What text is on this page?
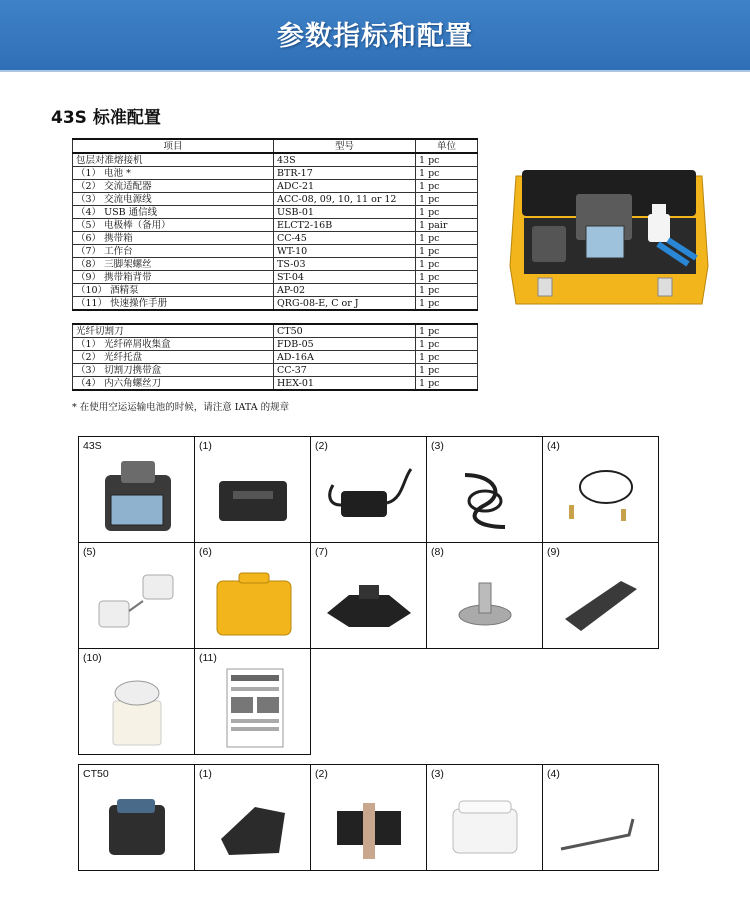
参数指标和配置
43S 标准配置
项目	型号	单位
包层对准熔接机	43S	1 pc
（1） 电池 *	BTR-17	1 pc
（2） 交流适配器	ADC-21	1 pc
（3） 交流电源线	ACC-08, 09, 10, 11 or 12	1 pc
（4） USB 通信线	USB-01	1 pc
（5） 电极棒（备用）	ELCT2-16B	1 pair
（6） 携带箱	CC-45	1 pc
（7） 工作台	WT-10	1 pc
（8） 三脚架螺丝	TS-03	1 pc
（9） 携带箱背带	ST-04	1 pc
（10） 酒精泵	AP-02	1 pc
（11） 快速操作手册	QRG-08-E, C or J	1 pc
光纤切割刀	CT50	1 pc
（1） 光纤碎屑收集盒	FDB-05	1 pc
（2） 光纤托盘	AD-16A	1 pc
（3） 切割刀携带盒	CC-37	1 pc
（4） 内六角螺丝刀	HEX-01	1 pc
* 在使用空运运输电池的时候，请注意 IATA 的规章
43S	(1)	(2)	(3)	(4)

(5)	(6)	(7)	(8)	(9)

(10)	(11)			

CT50	(1)	(2)	(3)	(4)
